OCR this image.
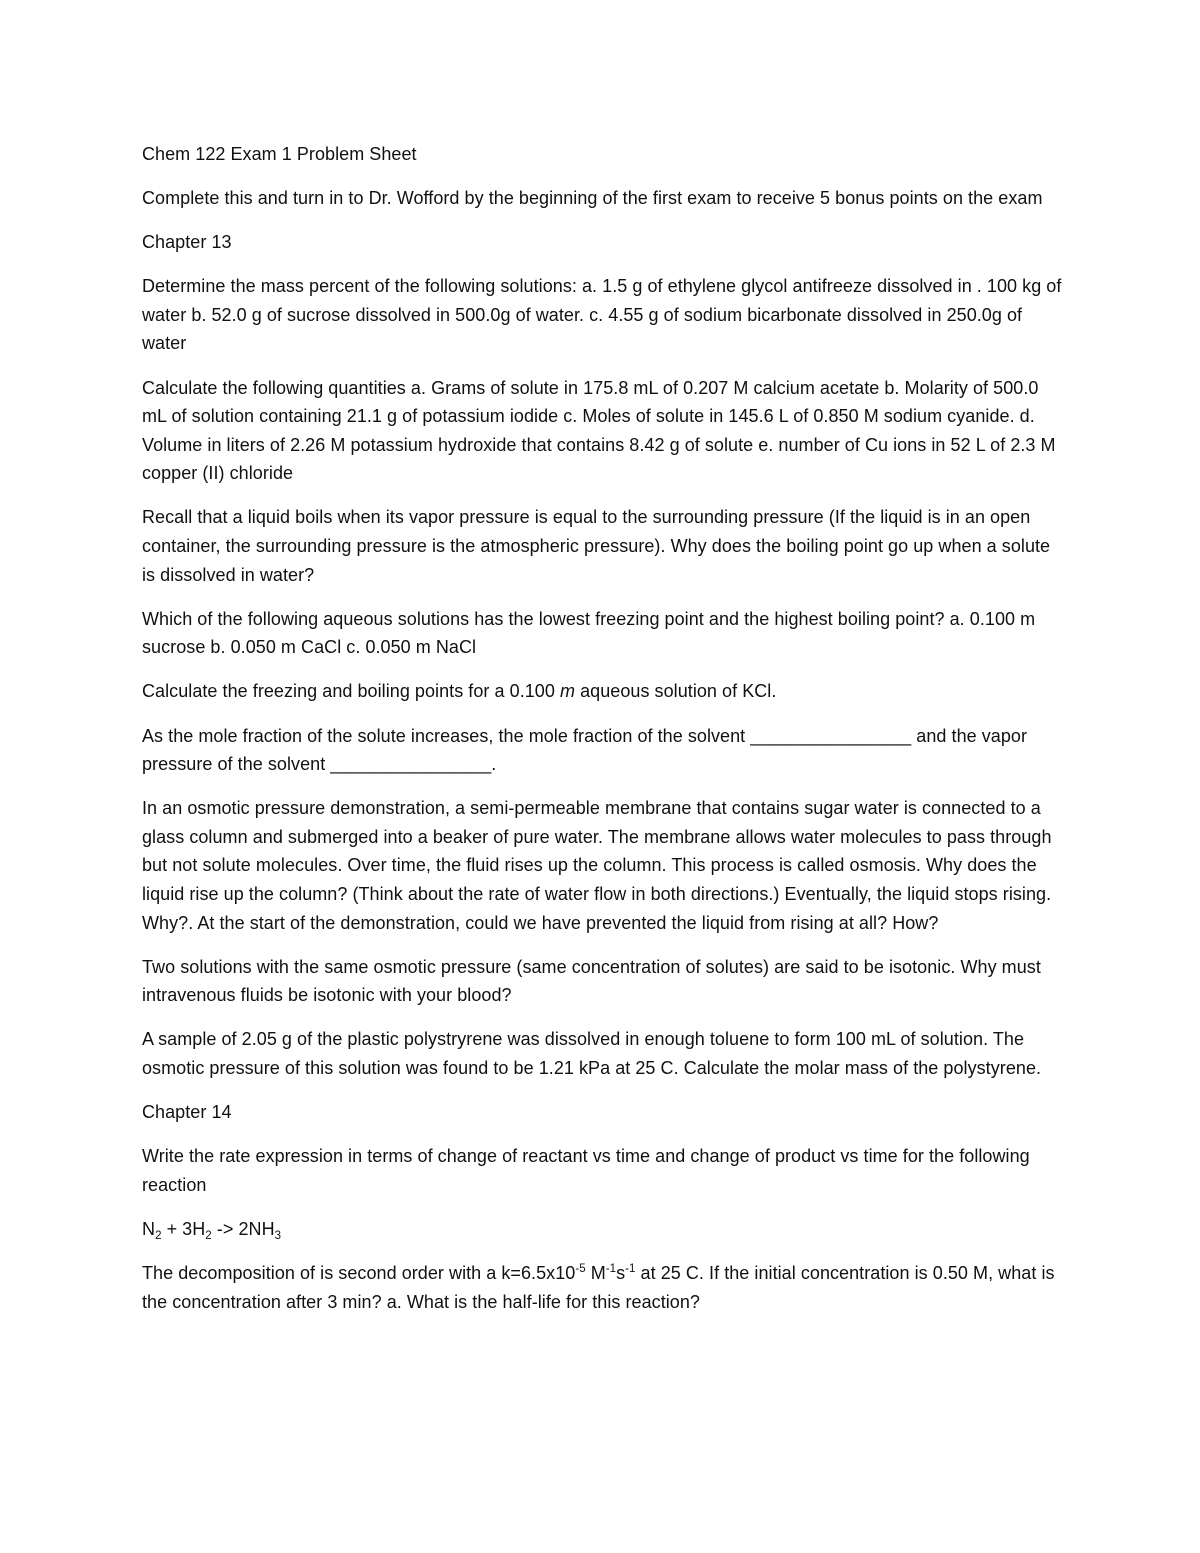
Chem 122 Exam 1 Problem Sheet

Complete this and turn in to Dr. Wofford by the beginning of the first exam to receive 5 bonus points on the exam

Chapter 13

Determine the mass percent of the following solutions: a. 1.5 g of ethylene glycol antifreeze dissolved in . 100 kg of water b. 52.0 g of sucrose dissolved in 500.0g of water. c. 4.55 g of sodium bicarbonate dissolved in 250.0g of water

Calculate the following quantities a. Grams of solute in 175.8 mL of 0.207 M calcium acetate b. Molarity of 500.0 mL of solution containing 21.1 g of potassium iodide c. Moles of solute in 145.6 L of 0.850 M sodium cyanide. d. Volume in liters of 2.26 M potassium hydroxide that contains 8.42 g of solute e. number of Cu ions in 52 L of 2.3 M copper (II) chloride

Recall that a liquid boils when its vapor pressure is equal to the surrounding pressure (If the liquid is in an open container, the surrounding pressure is the atmospheric pressure). Why does the boiling point go up when a solute is dissolved in water?

Which of the following aqueous solutions has the lowest freezing point and the highest boiling point? a. 0.100 m sucrose b. 0.050 m CaCl c. 0.050 m NaCl

Calculate the freezing and boiling points for a 0.100 m aqueous solution of KCl.

As the mole fraction of the solute increases, the mole fraction of the solvent ________________ and the vapor pressure of the solvent ________________.

In an osmotic pressure demonstration, a semi-permeable membrane that contains sugar water is connected to a glass column and submerged into a beaker of pure water. The membrane allows water molecules to pass through but not solute molecules. Over time, the fluid rises up the column. This process is called osmosis. Why does the liquid rise up the column? (Think about the rate of water flow in both directions.) Eventually, the liquid stops rising. Why?. At the start of the demonstration, could we have prevented the liquid from rising at all? How?

Two solutions with the same osmotic pressure (same concentration of solutes) are said to be isotonic. Why must intravenous fluids be isotonic with your blood?

A sample of 2.05 g of the plastic polystryrene was dissolved in enough toluene to form 100 mL of solution. The osmotic pressure of this solution was found to be 1.21 kPa at 25 C. Calculate the molar mass of the polystyrene.

Chapter 14

Write the rate expression in terms of change of reactant vs time and change of product vs time for the following reaction

$N_2 + 3H_2 -> 2NH_3$

The decomposition of is second order with a $k=6.5x10^{-5}$ $M^{-1}s^{-1}$ at 25 C. If the initial concentration is 0.50 M, what is the concentration after 3 min? a. What is the half-life for this reaction?
